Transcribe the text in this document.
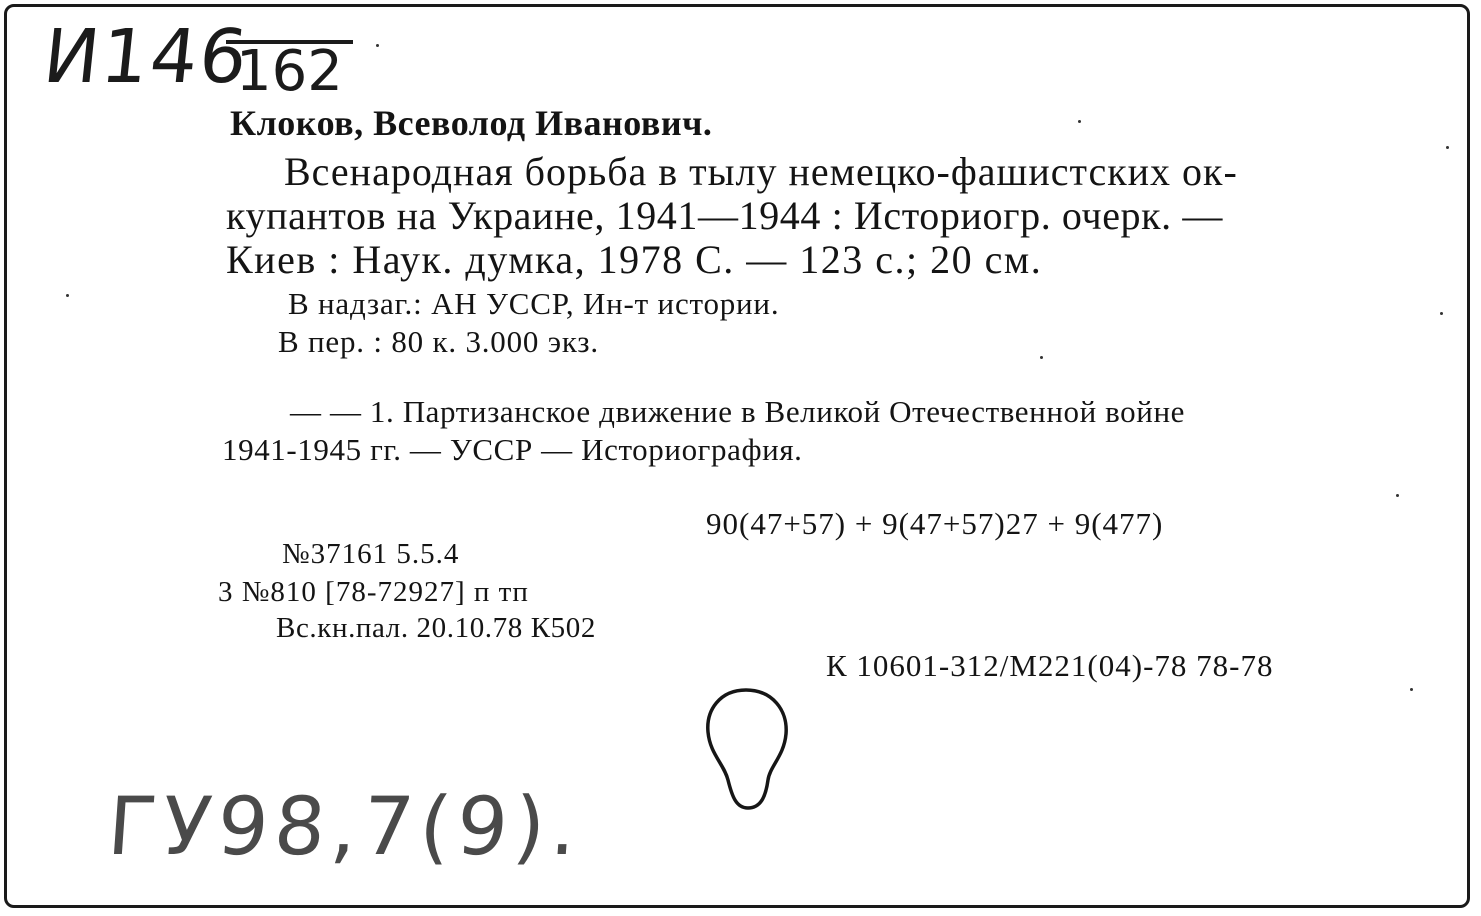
И146
162
Клоков, Всеволод Иванович.
Всенародная борьба в тылу немецко-фашистских ок-
купантов на Украине, 1941—1944 : Историогр. очерк. —
Киев : Наук. думка, 1978 С. — 123 с.; 20 см.
В надзаг.: АН УССР, Ин-т истории.
В пер. : 80 к. 3.000 экз.
— — 1. Партизанское движение в Великой Отечественной войне
1941-1945 гг. — УССР — Историография.
90(47+57) + 9(47+57)27 + 9(477)
№37161 5.5.4
3 №810 [78-72927] п тп
Вс.кн.пал. 20.10.78 К502
К 10601-312/М221(04)-78 78-78
ГУ98,7(9).
